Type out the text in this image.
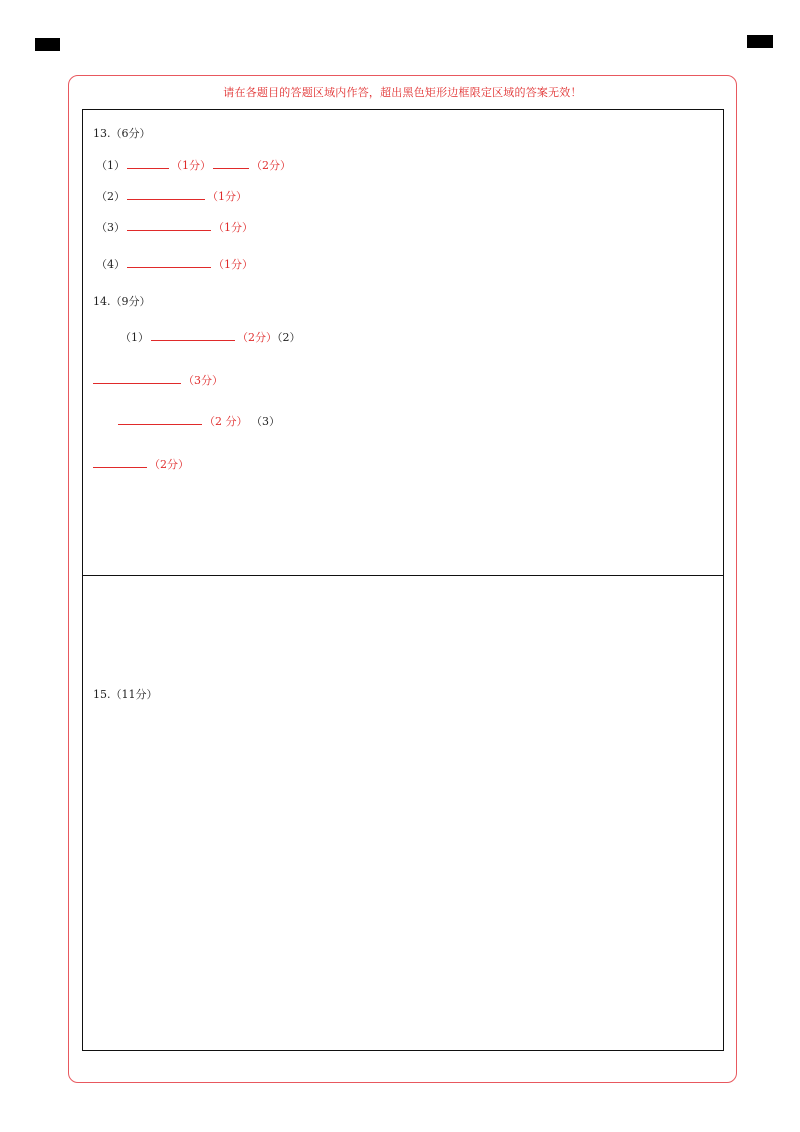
请在各题目的答题区域内作答，超出黑色矩形边框限定区域的答案无效！
13.（6分）
（1）	（1分）	（2分）
（2）	（1分）
（3）	（1分）
（4）	（1分）
14.（9分）
（1）	（2分）（2）
（3分）
（2 分） （3）
（2分）
15.（11分）
